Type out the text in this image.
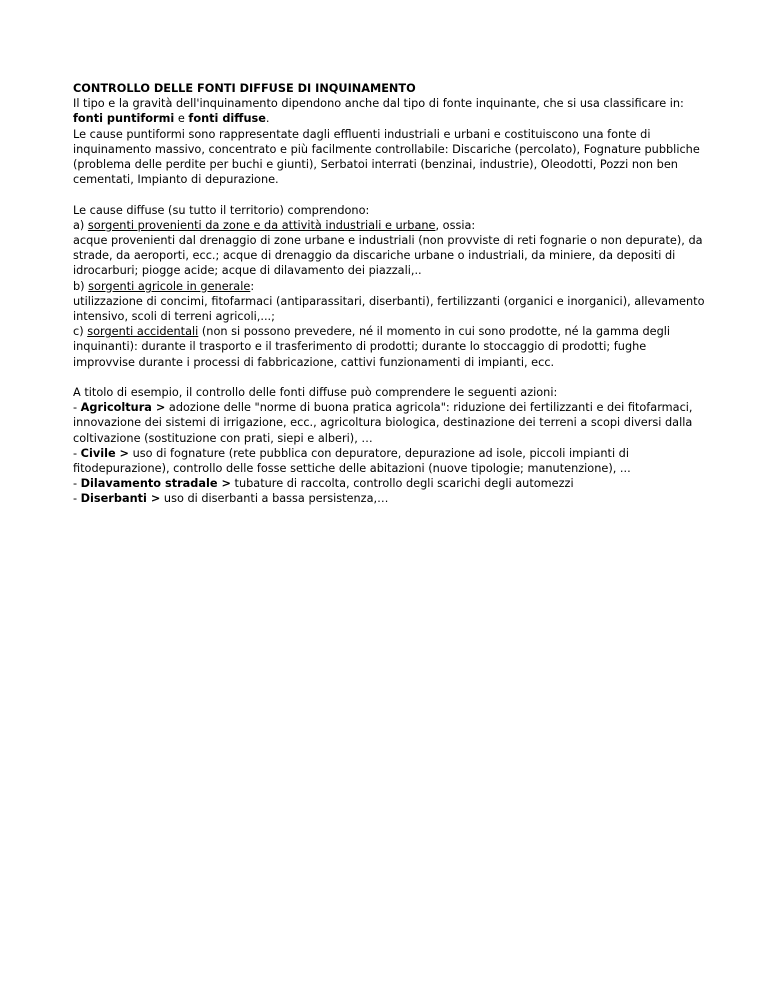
CONTROLLO DELLE FONTI DIFFUSE DI INQUINAMENTO

Il tipo e la gravità dell'inquinamento dipendono anche dal tipo di fonte inquinante, che si usa classificare in: fonti puntiformi e fonti diffuse.

Le cause puntiformi sono rappresentate dagli effluenti industriali e urbani e costituiscono una fonte di inquinamento massivo, concentrato e più facilmente controllabile: Discariche (percolato), Fognature pubbliche (problema delle perdite per buchi e giunti), Serbatoi interrati (benzinai, industrie), Oleodotti, Pozzi non ben cementati, Impianto di depurazione.

Le cause diffuse (su tutto il territorio) comprendono:

a) sorgenti provenienti da zone e da attività industriali e urbane, ossia:

acque provenienti dal drenaggio di zone urbane e industriali (non provviste di reti fognarie o non depurate), da strade, da aeroporti, ecc.; acque di drenaggio da discariche urbane o industriali, da miniere, da depositi di idrocarburi; piogge acide; acque di dilavamento dei piazzali,..

b) sorgenti agricole in generale:

utilizzazione di concimi, fitofarmaci (antiparassitari, diserbanti), fertilizzanti (organici e inorganici), allevamento intensivo, scoli di terreni agricoli,...;

c) sorgenti accidentali (non si possono prevedere, né il momento in cui sono prodotte, né la gamma degli inquinanti): durante il trasporto e il trasferimento di prodotti; durante lo stoccaggio di prodotti; fughe improvvise durante i processi di fabbricazione, cattivi funzionamenti di impianti, ecc.

A titolo di esempio, il controllo delle fonti diffuse può comprendere le seguenti azioni:

- Agricoltura > adozione delle "norme di buona pratica agricola": riduzione dei fertilizzanti e dei fitofarmaci, innovazione dei sistemi di irrigazione, ecc., agricoltura biologica, destinazione dei terreni a scopi diversi dalla coltivazione (sostituzione con prati, siepi e alberi), …

- Civile > uso di fognature (rete pubblica con depuratore, depurazione ad isole, piccoli impianti di fitodepurazione), controllo delle fosse settiche delle abitazioni (nuove tipologie; manutenzione), ...

- Dilavamento stradale > tubature di raccolta, controllo degli scarichi degli automezzi

- Diserbanti > uso di diserbanti a bassa persistenza,…
